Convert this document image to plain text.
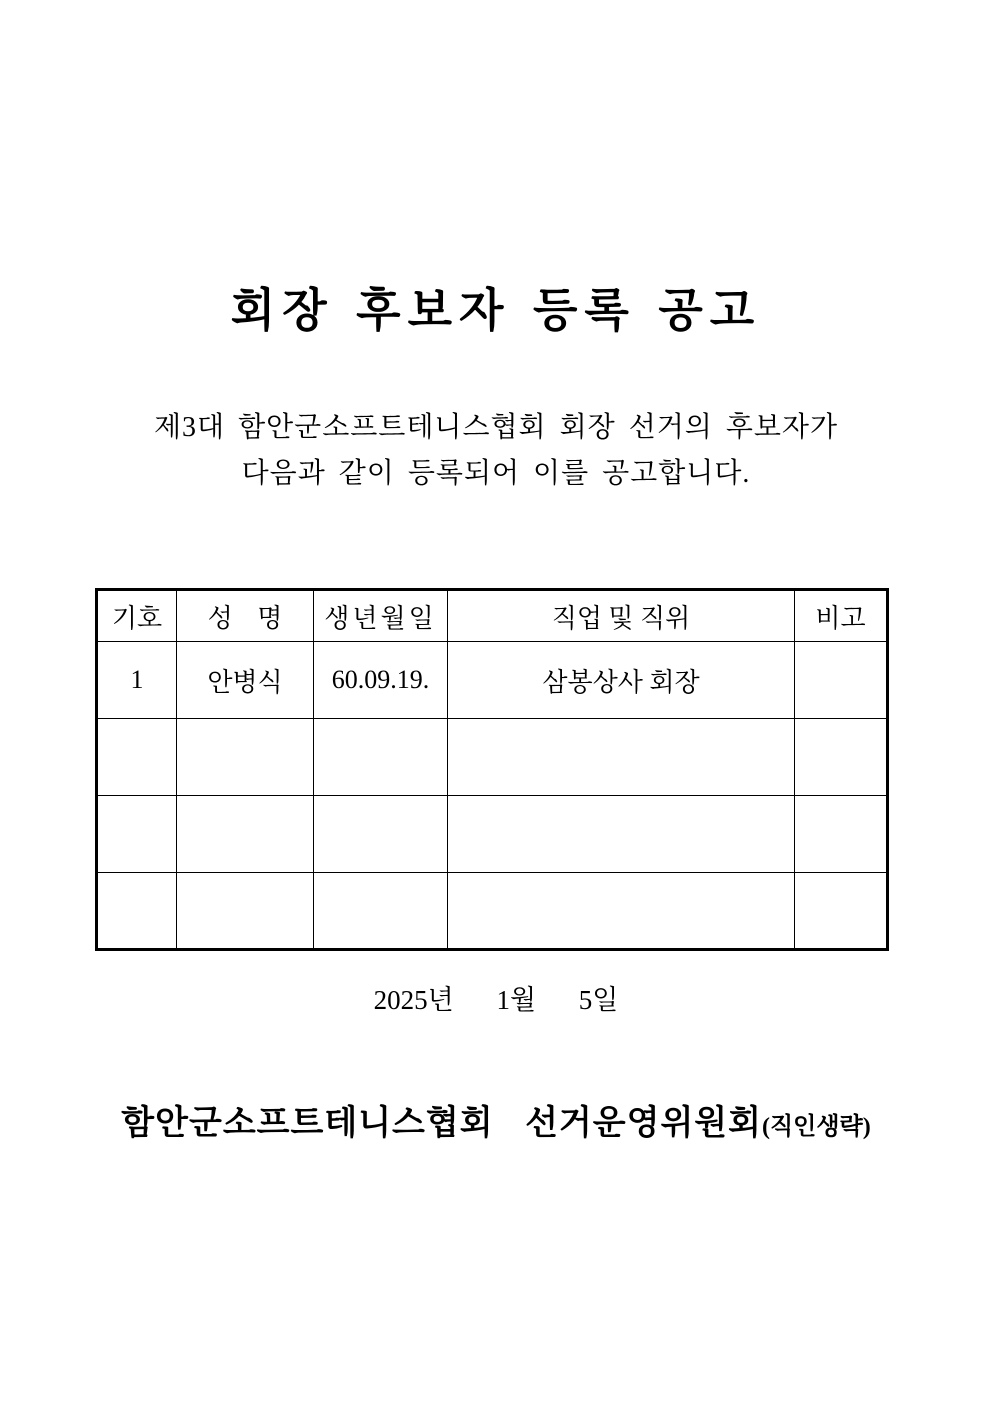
회장 후보자 등록 공고
제3대 함안군소프트테니스협회 회장 선거의 후보자가
다음과 같이 등록되어 이를 공고합니다.
기호	성 명	생년월일	직업 및 직위	비고
1	안병식	60.09.19.	삼봉상사 회장	

2025년 1월 5일
함안군소프트테니스협회 선거운영위원회(직인생략)
